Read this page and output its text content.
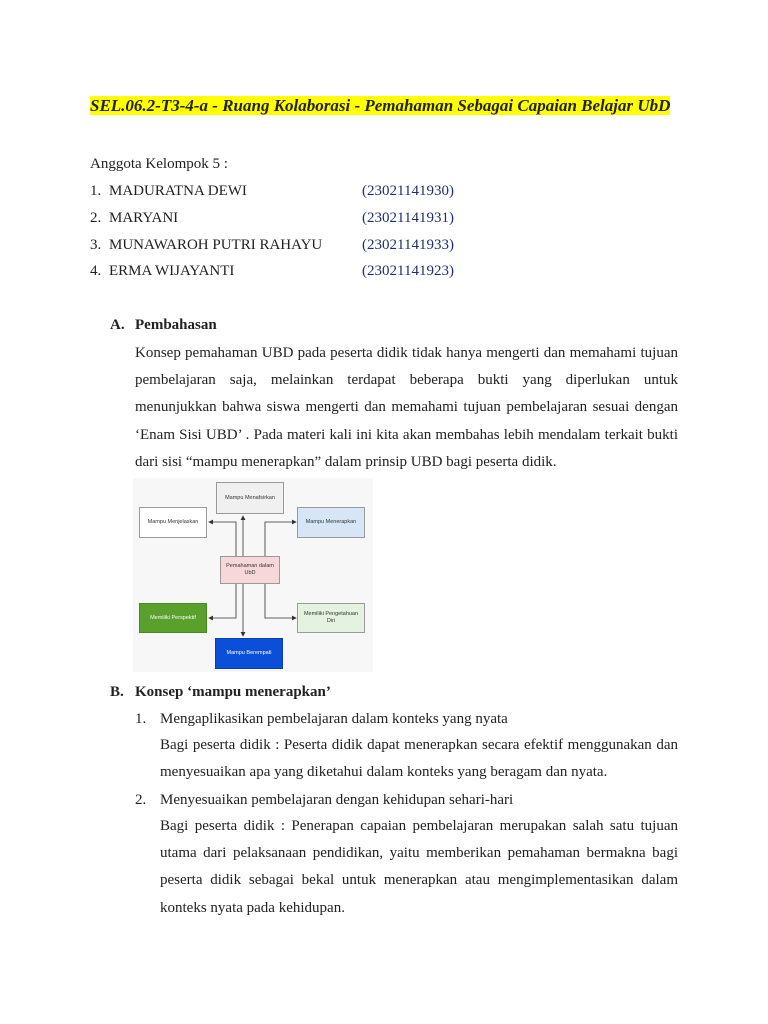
SEL.06.2-T3-4-a - Ruang Kolaborasi - Pemahaman Sebagai Capaian Belajar UbD
Anggota Kelompok 5 :
1. MADURATNA DEWI	(23021141930)
2. MARYANI	(23021141931)
3. MUNAWAROH PUTRI RAHAYU	(23021141933)
4. ERMA WIJAYANTI	(23021141923)
A. Pembahasan
Konsep pemahaman UBD pada peserta didik tidak hanya mengerti dan memahami tujuan pembelajaran saja, melainkan terdapat beberapa bukti yang diperlukan untuk menunjukkan bahwa siswa mengerti dan memahami tujuan pembelajaran sesuai dengan ‘Enam Sisi UBD’ . Pada materi kali ini kita akan membahas lebih mendalam terkait bukti dari sisi “mampu menerapkan” dalam prinsip UBD bagi peserta didik.
Mampu Menafsirkan
Mampu Menjelaskan	Mampu Menerapkan
Pemahaman dalam UbD
Memiliki Perspektif
Memiliki Pengetahuan Diri
Mampu Berempati
B. Konsep ‘mampu menerapkan’
1. Mengaplikasikan pembelajaran dalam konteks yang nyata
Bagi peserta didik : Peserta didik dapat menerapkan secara efektif menggunakan dan menyesuaikan apa yang diketahui dalam konteks yang beragam dan nyata.
2. Menyesuaikan pembelajaran dengan kehidupan sehari-hari
Bagi peserta didik : Penerapan capaian pembelajaran merupakan salah satu tujuan utama dari pelaksanaan pendidikan, yaitu memberikan pemahaman bermakna bagi peserta didik sebagai bekal untuk menerapkan atau mengimplementasikan dalam konteks nyata pada kehidupan.
